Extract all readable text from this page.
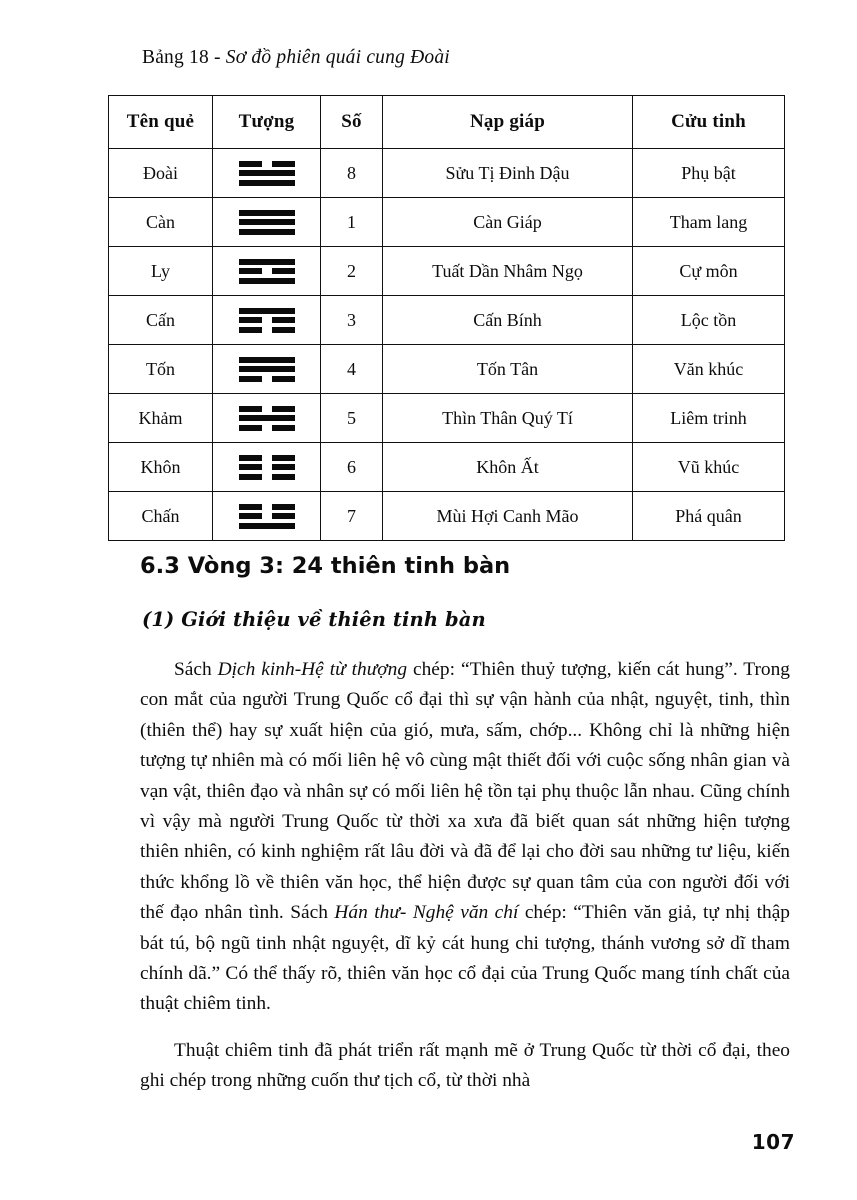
Bảng 18 - Sơ đồ phiên quái cung Đoài
Tên quẻ	Tượng	Số	Nạp giáp	Cửu tinh
Đoài		8	Sửu Tị Đinh Dậu	Phụ bật
Càn		1	Càn Giáp	Tham lang
Ly		2	Tuất Dần Nhâm Ngọ	Cự môn
Cấn		3	Cấn Bính	Lộc tồn
Tốn		4	Tốn Tân	Văn khúc
Khảm		5	Thìn Thân Quý Tí	Liêm trinh
Khôn		6	Khôn Ất	Vũ khúc
Chấn		7	Mùi Hợi Canh Mão	Phá quân
6.3 Vòng 3: 24 thiên tinh bàn
(1) Giới thiệu về thiên tinh bàn

Sách Dịch kinh-Hệ từ thượng chép: “Thiên thuỷ tượng, kiến cát hung”. Trong con mắt của người Trung Quốc cổ đại thì sự vận hành của nhật, nguyệt, tinh, thìn (thiên thể) hay sự xuất hiện của gió, mưa, sấm, chớp... Không chỉ là những hiện tượng tự nhiên mà có mối liên hệ vô cùng mật thiết đối với cuộc sống nhân gian và vạn vật, thiên đạo và nhân sự có mối liên hệ tồn tại phụ thuộc lẫn nhau. Cũng chính vì vậy mà người Trung Quốc từ thời xa xưa đã biết quan sát những hiện tượng thiên nhiên, có kinh nghiệm rất lâu đời và đã để lại cho đời sau những tư liệu, kiến thức khổng lồ về thiên văn học, thể hiện được sự quan tâm của con người đối với thế đạo nhân tình. Sách Hán thư- Nghệ văn chí chép: “Thiên văn giả, tự nhị thập bát tú, bộ ngũ tinh nhật nguyệt, dĩ kỷ cát hung chi tượng, thánh vương sở dĩ tham chính dã.” Có thể thấy rõ, thiên văn học cổ đại của Trung Quốc mang tính chất của thuật chiêm tinh.

Thuật chiêm tinh đã phát triển rất mạnh mẽ ở Trung Quốc từ thời cổ đại, theo ghi chép trong những cuốn thư tịch cổ, từ thời nhà

107
